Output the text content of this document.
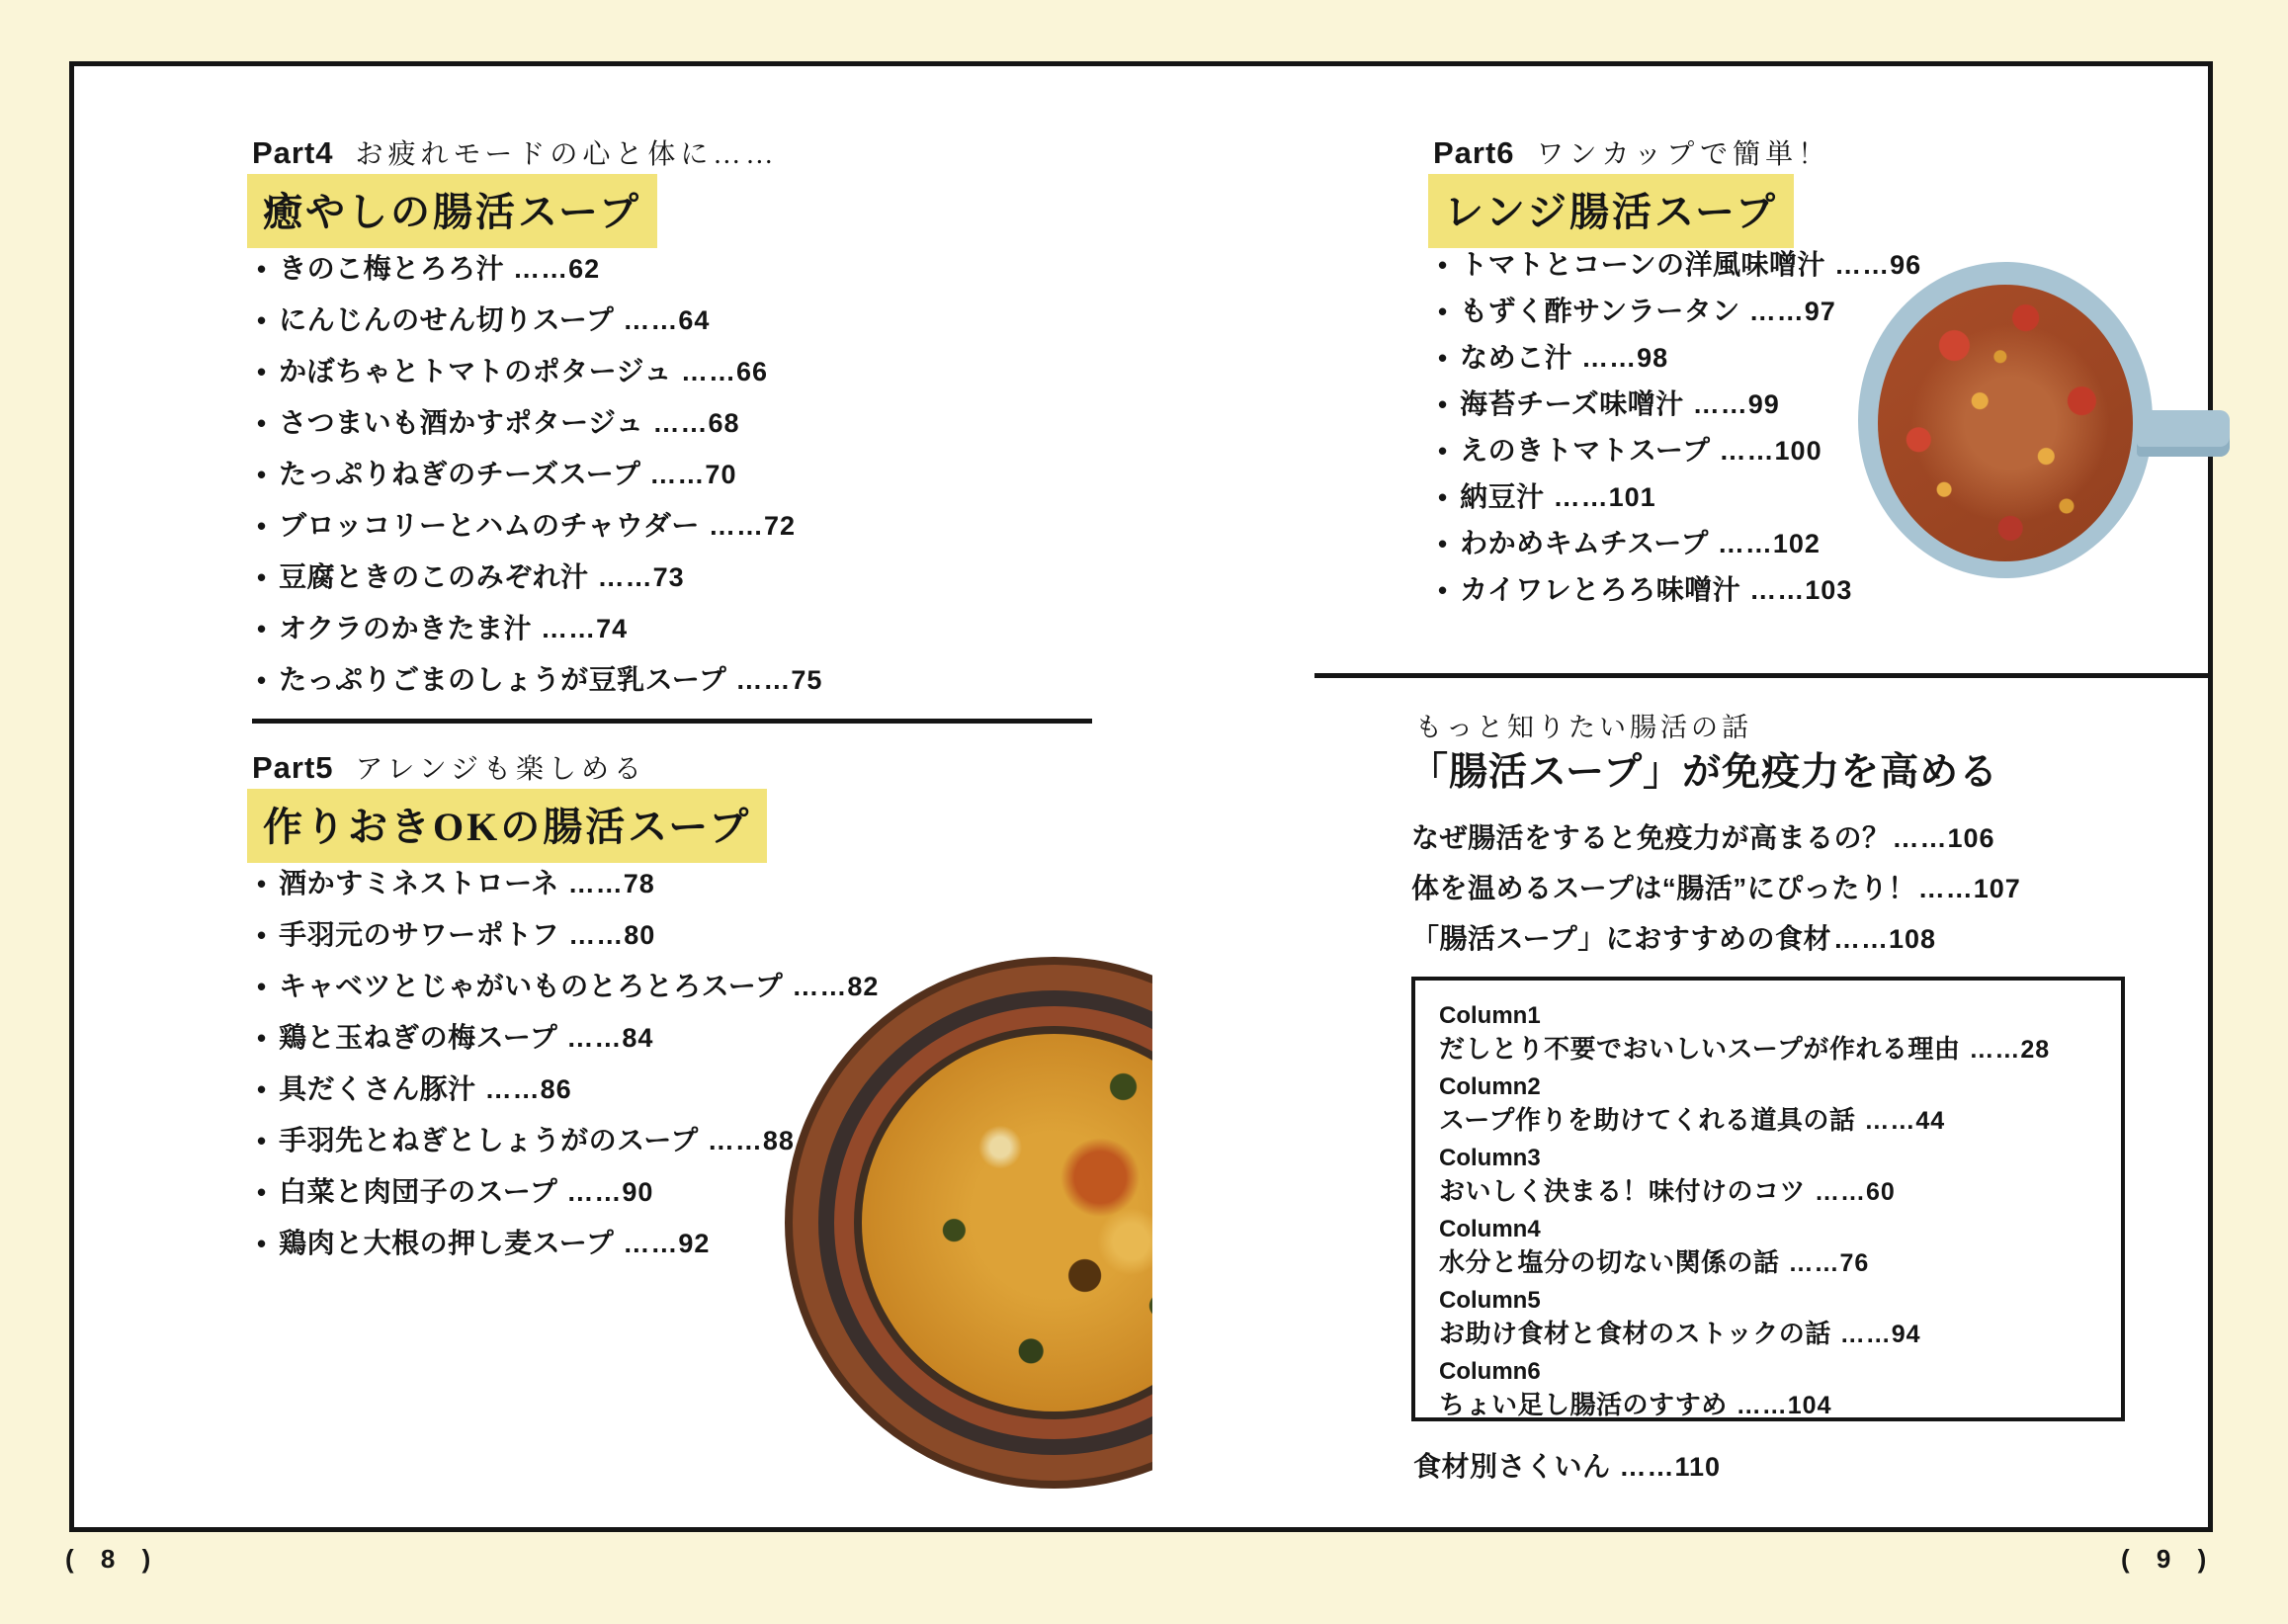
Part4 お疲れモードの心と体に……
癒やしの腸活スープ
• きのこ梅とろろ汁 ……62
• にんじんのせん切りスープ ……64
• かぼちゃとトマトのポタージュ ……66
• さつまいも酒かすポタージュ ……68
• たっぷりねぎのチーズスープ ……70
• ブロッコリーとハムのチャウダー ……72
• 豆腐ときのこのみぞれ汁 ……73
• オクラのかきたま汁 ……74
• たっぷりごまのしょうが豆乳スープ ……75
Part5 アレンジも楽しめる
作りおきOKの腸活スープ
• 酒かすミネストローネ ……78
• 手羽元のサワーポトフ ……80
• キャベツとじゃがいものとろとろスープ ……82
• 鶏と玉ねぎの梅スープ ……84
• 具だくさん豚汁 ……86
• 手羽先とねぎとしょうがのスープ ……88
• 白菜と肉団子のスープ ……90
• 鶏肉と大根の押し麦スープ ……92
( 8 )
Part6 ワンカップで簡単！
レンジ腸活スープ
• トマトとコーンの洋風味噌汁 ……96
• もずく酢サンラータン ……97
• なめこ汁 ……98
• 海苔チーズ味噌汁 ……99
• えのきトマトスープ ……100
• 納豆汁 ……101
• わかめキムチスープ ……102
• カイワレとろろ味噌汁 ……103
もっと知りたい腸活の話
「腸活スープ」が免疫力を高める
なぜ腸活をすると免疫力が高まるの？ ……106
体を温めるスープは“腸活”にぴったり！ ……107
「腸活スープ」におすすめの食材 ……108
Column1
だしとり不要でおいしいスープが作れる理由 ……28
Column2
スープ作りを助けてくれる道具の話 ……44
Column3
おいしく決まる！味付けのコツ ……60
Column4
水分と塩分の切ない関係の話 ……76
Column5
お助け食材と食材のストックの話 ……94
Column6
ちょい足し腸活のすすめ ……104
食材別さくいん ……110
( 9 )
